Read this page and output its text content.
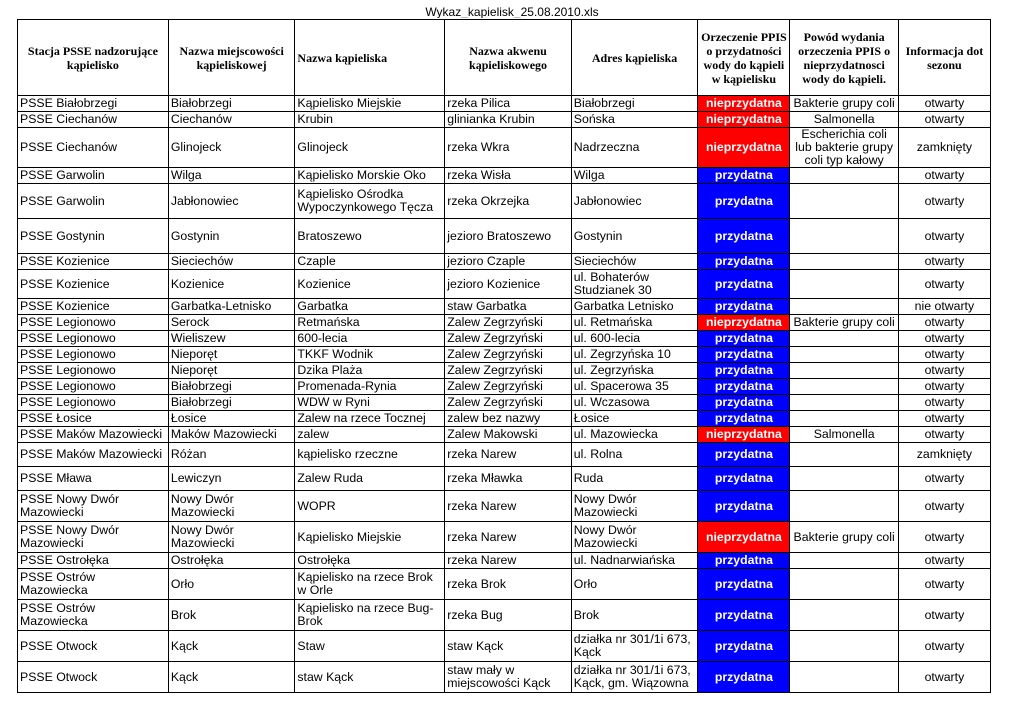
Wykaz_kapielisk_25.08.2010.xls
Stacja PSSE nadzorujące kąpielisko	Nazwa miejscowości kąpieliskowej	Nazwa kąpieliska	Nazwa akwenu kąpieliskowego	Adres kąpieliska	Orzeczenie PPIS o przydatności wody do kąpieli w kąpielisku	Powód wydania orzeczenia PPIS o nieprzydatnosci wody do kąpieli.	Informacja dot sezonu
PSSE Białobrzegi	Białobrzegi	Kąpielisko Miejskie	rzeka Pilica	Białobrzegi	nieprzydatna	Bakterie grupy coli	otwarty
PSSE Ciechanów	Ciechanów	Krubin	glinianka Krubin	Sońska	nieprzydatna	Salmonella	otwarty
PSSE Ciechanów	Glinojeck	Glinojeck	rzeka Wkra	Nadrzeczna	nieprzydatna	Escherichia coli lub bakterie grupy coli typ kałowy	zamknięty
PSSE Garwolin	Wilga	Kąpielisko Morskie Oko	rzeka Wisła	Wilga	przydatna		otwarty
PSSE Garwolin	Jabłonowiec	Kąpielisko Ośrodka Wypoczynkowego Tęcza	rzeka Okrzejka	Jabłonowiec	przydatna		otwarty
PSSE Gostynin	Gostynin	Bratoszewo	jezioro Bratoszewo	Gostynin	przydatna		otwarty
PSSE Kozienice	Sieciechów	Czaple	jezioro Czaple	Sieciechów	przydatna		otwarty
PSSE Kozienice	Kozienice	Kozienice	jezioro Kozienice	ul. Bohaterów Studzianek 30	przydatna		otwarty
PSSE Kozienice	Garbatka-Letnisko	Garbatka	staw Garbatka	Garbatka Letnisko	przydatna		nie otwarty
PSSE Legionowo	Serock	Retmańska	Zalew Zegrzyński	ul. Retmańska	nieprzydatna	Bakterie grupy coli	otwarty
PSSE Legionowo	Wieliszew	600-lecia	Zalew Zegrzyński	ul. 600-lecia	przydatna		otwarty
PSSE Legionowo	Nieporęt	TKKF Wodnik	Zalew Zegrzyński	ul. Zegrzyńska 10	przydatna		otwarty
PSSE Legionowo	Nieporęt	Dzika Plaża	Zalew Zegrzyński	ul. Zegrzyńska	przydatna		otwarty
PSSE Legionowo	Białobrzegi	Promenada-Rynia	Zalew Zegrzyński	ul. Spacerowa 35	przydatna		otwarty
PSSE Legionowo	Białobrzegi	WDW w Ryni	Zalew Zegrzyński	ul. Wczasowa	przydatna		otwarty
PSSE Łosice	Łosice	Zalew na rzece Tocznej	zalew bez nazwy	Łosice	przydatna		otwarty
PSSE Maków Mazowiecki	Maków Mazowiecki	zalew	Zalew Makowski	ul. Mazowiecka	nieprzydatna	Salmonella	otwarty
PSSE Maków Mazowiecki	Różan	kąpielisko rzeczne	rzeka Narew	ul. Rolna	przydatna		zamknięty
PSSE Mława	Lewiczyn	Zalew Ruda	rzeka Mławka	Ruda	przydatna		otwarty
PSSE Nowy Dwór Mazowiecki	Nowy Dwór Mazowiecki	WOPR	rzeka Narew	Nowy Dwór Mazowiecki	przydatna		otwarty
PSSE Nowy Dwór Mazowiecki	Nowy Dwór Mazowiecki	Kąpielisko Miejskie	rzeka Narew	Nowy Dwór Mazowiecki	nieprzydatna	Bakterie grupy coli	otwarty
PSSE Ostrołęka	Ostrołęka	Ostrołęka	rzeka Narew	ul. Nadnarwiańska	przydatna		otwarty
PSSE Ostrów Mazowiecka	Orło	Kąpielisko na rzece Brok w Orle	rzeka Brok	Orło	przydatna		otwarty
PSSE Ostrów Mazowiecka	Brok	Kąpielisko na rzece Bug-Brok	rzeka Bug	Brok	przydatna		otwarty
PSSE Otwock	Kąck	Staw	staw Kąck	działka nr 301/1i 673, Kąck	przydatna		otwarty
PSSE Otwock	Kąck	staw Kąck	staw mały w miejscowości Kąck	działka nr 301/1i 673, Kąck, gm. Wiązowna	przydatna		otwarty
